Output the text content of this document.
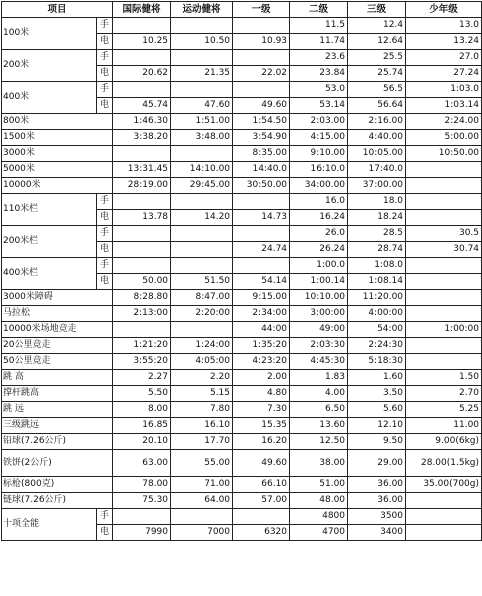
项目		国际健将	运动健将	一级	二级	三级	少年级
100米	手				11.5	12.4	13.0
	电	10.25	10.50	10.93	11.74	12.64	13.24
200米	手				23.6	25.5	27.0
	电	20.62	21.35	22.02	23.84	25.74	27.24
400米	手				53.0	56.5	1:03.0
	电	45.74	47.60	49.60	53.14	56.64	1:03.14
800米		1:46.30	1:51.00	1:54.50	2:03.00	2:16.00	2:24.00
1500米		3:38.20	3:48.00	3:54.90	4:15.00	4:40.00	5:00.00
3000米				8:35.00	9:10.00	10:05.00	10:50.00
5000米		13:31.45	14:10.00	14:40.0	16:10.0	17:40.0	
10000米		28:19.00	29:45.00	30:50.00	34:00.00	37:00.00	
110米栏	手				16.0	18.0	
	电	13.78	14.20	14.73	16.24	18.24	
200米栏	手				26.0	28.5	30.5
	电			24.74	26.24	28.74	30.74
400米栏	手				1:00.0	1:08.0	
	电	50.00	51.50	54.14	1:00.14	1:08.14	
3000米障碍		8:28.80	8:47.00	9:15.00	10:10.00	11:20.00	
马拉松		2:13:00	2:20:00	2:34:00	3:00:00	4:00:00	
10000米场地竞走				44:00	49:00	54:00	1:00:00
20公里竞走		1:21:20	1:24:00	1:35:20	2:03:30	2:24:30	
50公里竞走		3:55:20	4:05:00	4:23:20	4:45:30	5:18:30	
跳 高		2.27	2.20	2.00	1.83	1.60	1.50
撑杆跳高		5.50	5.15	4.80	4.00	3.50	2.70
跳 远		8.00	7.80	7.30	6.50	5.60	5.25
三级跳远		16.85	16.10	15.35	13.60	12.10	11.00
铅球(7.26公斤)		20.10	17.70	16.20	12.50	9.50	9.00(6kg)
铁饼(2公斤)		63.00	55.00	49.60	38.00	29.00	28.00(1.5kg)
标枪(800克)		78.00	71.00	66.10	51.00	36.00	35.00(700g)
链球(7.26公斤)		75.30	64.00	57.00	48.00	36.00	
十项全能	手				4800	3500	
	电	7990	7000	6320	4700	3400	
